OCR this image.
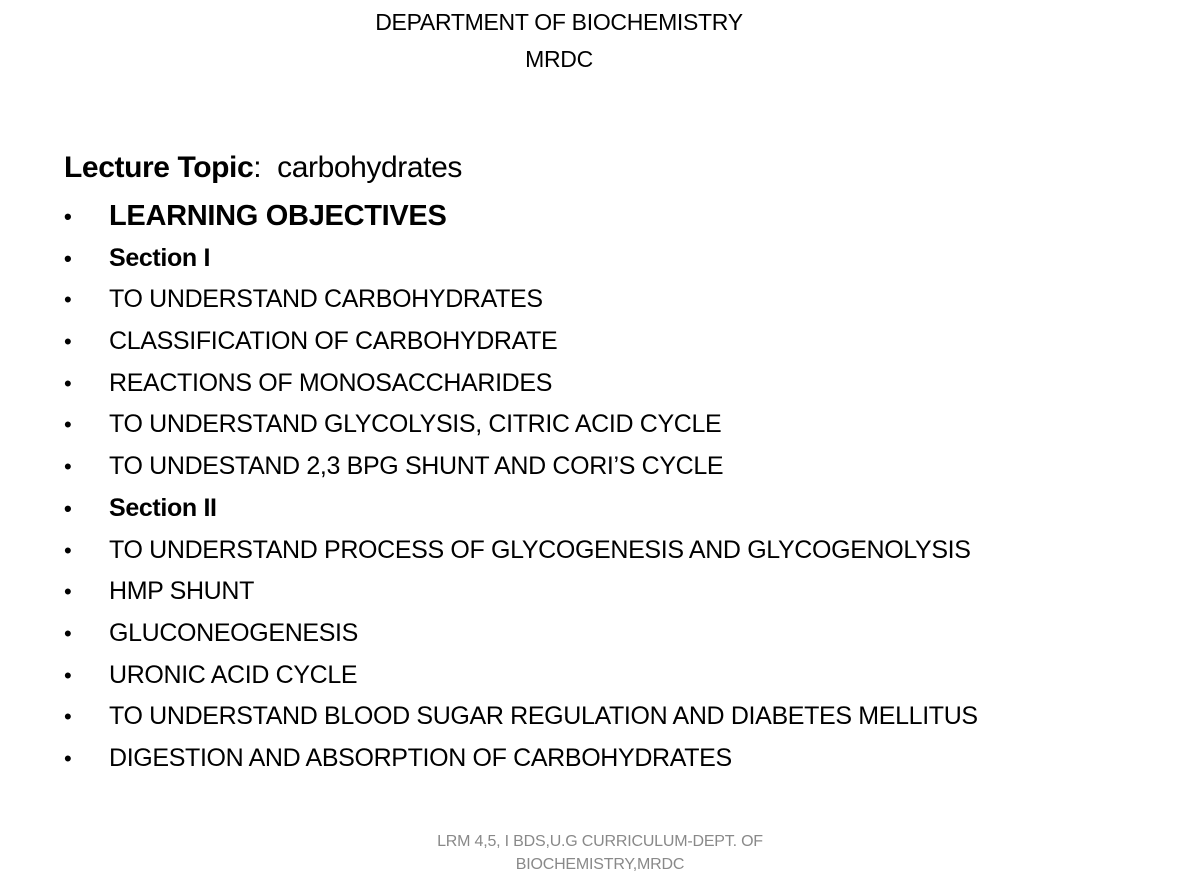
DEPARTMENT OF BIOCHEMISTRY
MRDC
Lecture Topic: carbohydrates
• LEARNING OBJECTIVES
• Section I
• TO UNDERSTAND CARBOHYDRATES
• CLASSIFICATION OF CARBOHYDRATE
• REACTIONS OF MONOSACCHARIDES
• TO UNDERSTAND GLYCOLYSIS, CITRIC ACID CYCLE
• TO UNDESTAND 2,3 BPG SHUNT AND CORI’S CYCLE
• Section II
• TO UNDERSTAND PROCESS OF GLYCOGENESIS AND GLYCOGENOLYSIS
• HMP SHUNT
• GLUCONEOGENESIS
• URONIC ACID CYCLE
• TO UNDERSTAND BLOOD SUGAR REGULATION AND DIABETES MELLITUS
• DIGESTION AND ABSORPTION OF CARBOHYDRATES
LRM 4,5, I BDS,U.G CURRICULUM-DEPT. OF
BIOCHEMISTRY,MRDC
